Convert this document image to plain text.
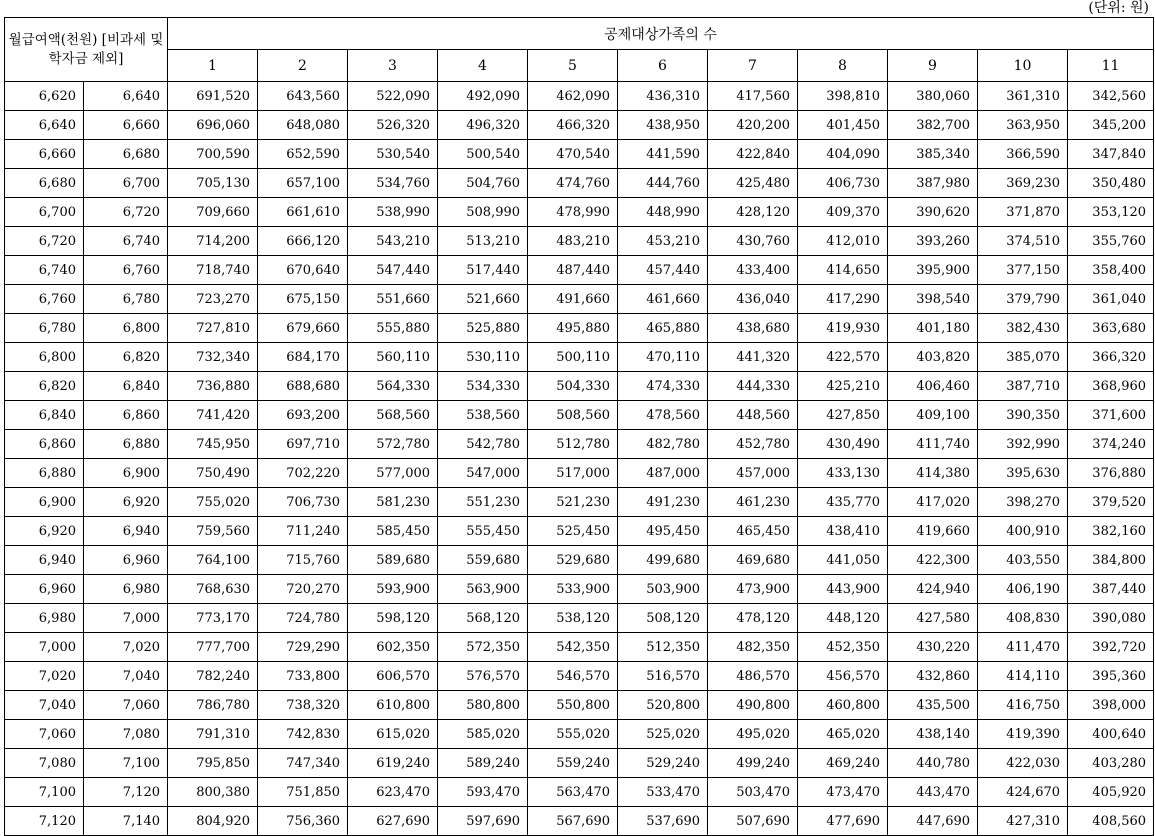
(단위: 원)
월급여액(천원) [비과세 및 학자금 제외]		공제대상가족의 수										
		1	2	3	4	5	6	7	8	9	10	11
6,620	6,640	691,520	643,560	522,090	492,090	462,090	436,310	417,560	398,810	380,060	361,310	342,560
6,640	6,660	696,060	648,080	526,320	496,320	466,320	438,950	420,200	401,450	382,700	363,950	345,200
6,660	6,680	700,590	652,590	530,540	500,540	470,540	441,590	422,840	404,090	385,340	366,590	347,840
6,680	6,700	705,130	657,100	534,760	504,760	474,760	444,760	425,480	406,730	387,980	369,230	350,480
6,700	6,720	709,660	661,610	538,990	508,990	478,990	448,990	428,120	409,370	390,620	371,870	353,120
6,720	6,740	714,200	666,120	543,210	513,210	483,210	453,210	430,760	412,010	393,260	374,510	355,760
6,740	6,760	718,740	670,640	547,440	517,440	487,440	457,440	433,400	414,650	395,900	377,150	358,400
6,760	6,780	723,270	675,150	551,660	521,660	491,660	461,660	436,040	417,290	398,540	379,790	361,040
6,780	6,800	727,810	679,660	555,880	525,880	495,880	465,880	438,680	419,930	401,180	382,430	363,680
6,800	6,820	732,340	684,170	560,110	530,110	500,110	470,110	441,320	422,570	403,820	385,070	366,320
6,820	6,840	736,880	688,680	564,330	534,330	504,330	474,330	444,330	425,210	406,460	387,710	368,960
6,840	6,860	741,420	693,200	568,560	538,560	508,560	478,560	448,560	427,850	409,100	390,350	371,600
6,860	6,880	745,950	697,710	572,780	542,780	512,780	482,780	452,780	430,490	411,740	392,990	374,240
6,880	6,900	750,490	702,220	577,000	547,000	517,000	487,000	457,000	433,130	414,380	395,630	376,880
6,900	6,920	755,020	706,730	581,230	551,230	521,230	491,230	461,230	435,770	417,020	398,270	379,520
6,920	6,940	759,560	711,240	585,450	555,450	525,450	495,450	465,450	438,410	419,660	400,910	382,160
6,940	6,960	764,100	715,760	589,680	559,680	529,680	499,680	469,680	441,050	422,300	403,550	384,800
6,960	6,980	768,630	720,270	593,900	563,900	533,900	503,900	473,900	443,900	424,940	406,190	387,440
6,980	7,000	773,170	724,780	598,120	568,120	538,120	508,120	478,120	448,120	427,580	408,830	390,080
7,000	7,020	777,700	729,290	602,350	572,350	542,350	512,350	482,350	452,350	430,220	411,470	392,720
7,020	7,040	782,240	733,800	606,570	576,570	546,570	516,570	486,570	456,570	432,860	414,110	395,360
7,040	7,060	786,780	738,320	610,800	580,800	550,800	520,800	490,800	460,800	435,500	416,750	398,000
7,060	7,080	791,310	742,830	615,020	585,020	555,020	525,020	495,020	465,020	438,140	419,390	400,640
7,080	7,100	795,850	747,340	619,240	589,240	559,240	529,240	499,240	469,240	440,780	422,030	403,280
7,100	7,120	800,380	751,850	623,470	593,470	563,470	533,470	503,470	473,470	443,470	424,670	405,920
7,120	7,140	804,920	756,360	627,690	597,690	567,690	537,690	507,690	477,690	447,690	427,310	408,560
